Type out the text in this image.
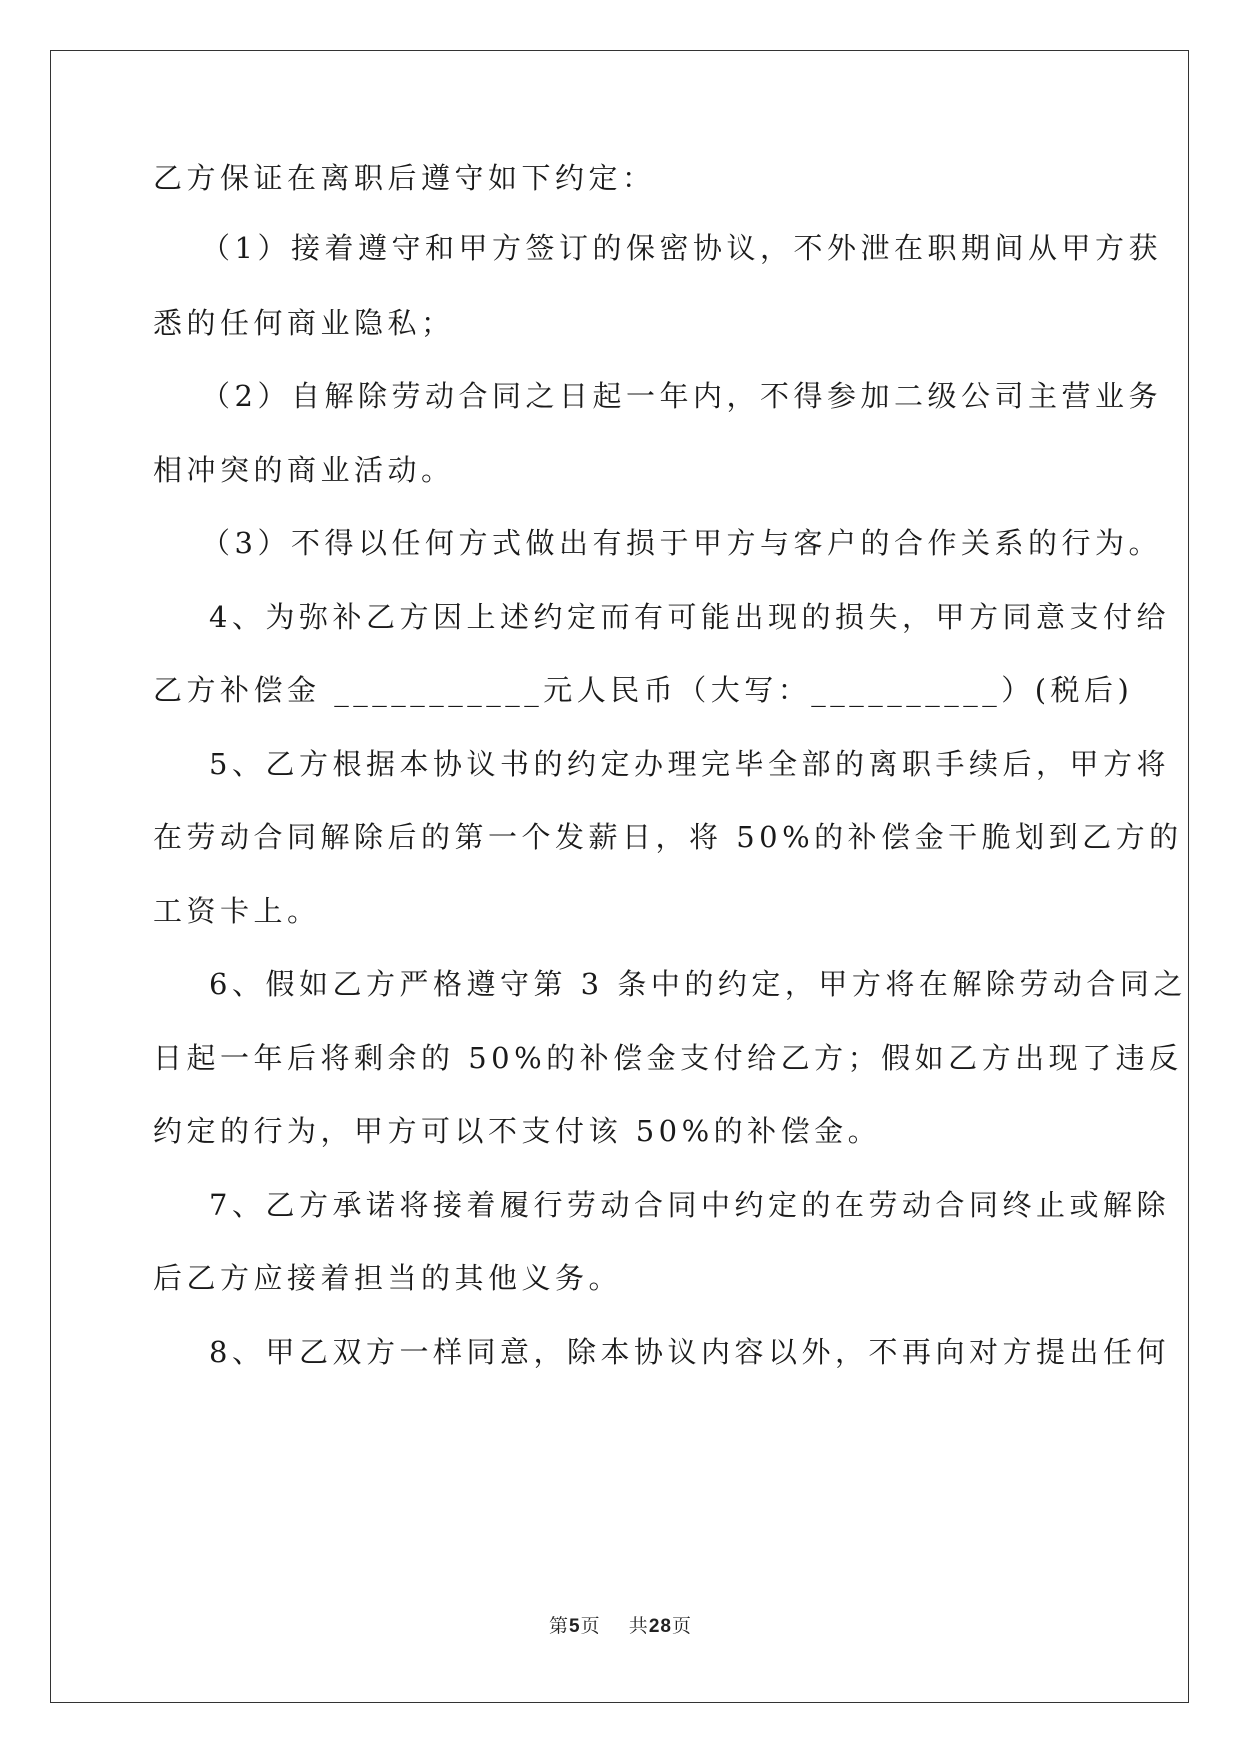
乙方保证在离职后遵守如下约定：
（1）接着遵守和甲方签订的保密协议，不外泄在职期间从甲方获
悉的任何商业隐私；
（2）自解除劳动合同之日起一年内，不得参加二级公司主营业务
相冲突的商业活动。
（3）不得以任何方式做出有损于甲方与客户的合作关系的行为。
4、为弥补乙方因上述约定而有可能出现的损失，甲方同意支付给
乙方补偿金 ___________元人民币（大写：__________）(税后)
5、乙方根据本协议书的约定办理完毕全部的离职手续后，甲方将
在劳动合同解除后的第一个发薪日，将 50%的补偿金干脆划到乙方的
工资卡上。
6、假如乙方严格遵守第 3 条中的约定，甲方将在解除劳动合同之
日起一年后将剩余的 50%的补偿金支付给乙方；假如乙方出现了违反
约定的行为，甲方可以不支付该 50%的补偿金。
7、乙方承诺将接着履行劳动合同中约定的在劳动合同终止或解除
后乙方应接着担当的其他义务。
8、甲乙双方一样同意，除本协议内容以外，不再向对方提出任何
第5页 共28页
